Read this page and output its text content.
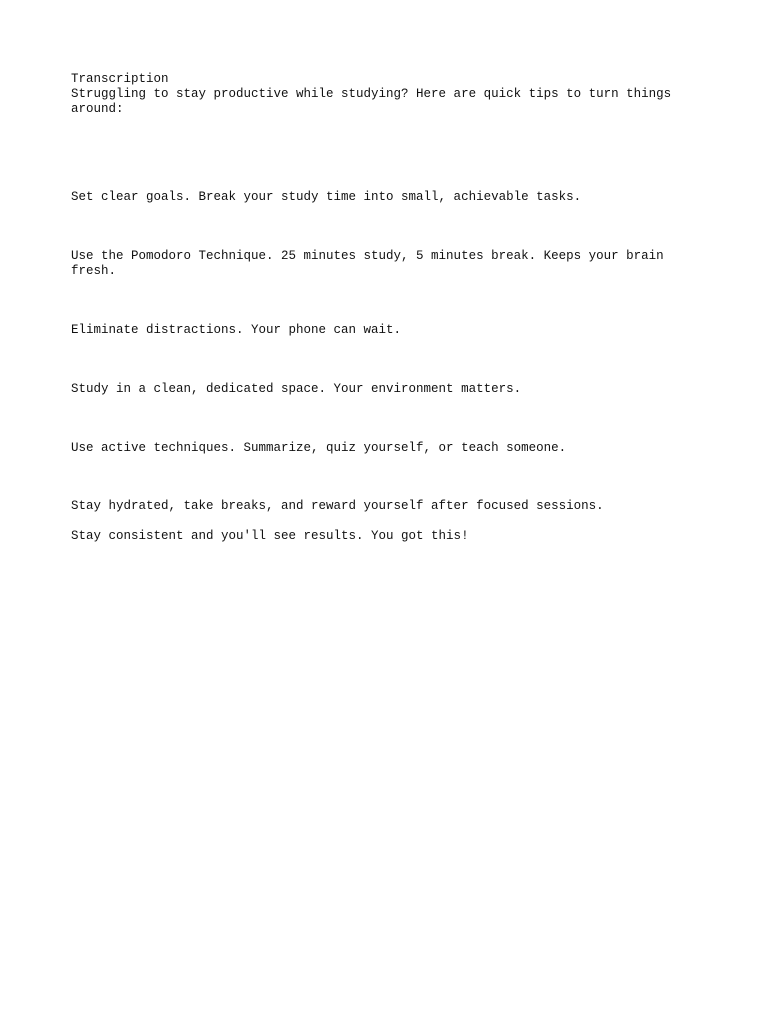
Transcription

Struggling to stay productive while studying? Here are quick tips to turn things around:

Set clear goals. Break your study time into small, achievable tasks.

Use the Pomodoro Technique. 25 minutes study, 5 minutes break. Keeps your brain fresh.

Eliminate distractions. Your phone can wait.

Study in a clean, dedicated space. Your environment matters.

Use active techniques. Summarize, quiz yourself, or teach someone.

Stay hydrated, take breaks, and reward yourself after focused sessions.

Stay consistent and you'll see results. You got this!
